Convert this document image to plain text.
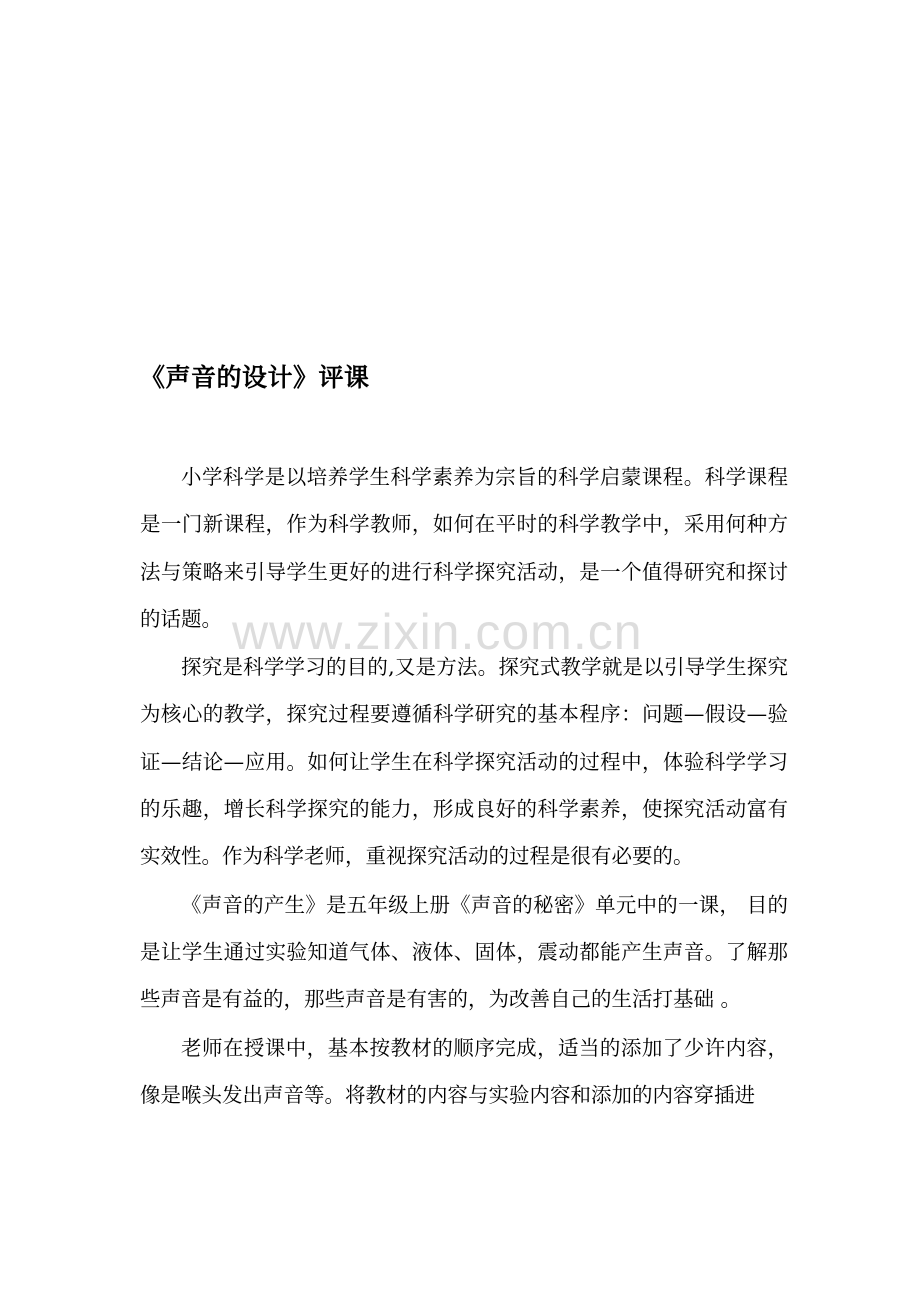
《声音的设计》评课

小学科学是以培养学生科学素养为宗旨的科学启蒙课程。科学课程是一门新课程，作为科学教师，如何在平时的科学教学中，采用何种方法与策略来引导学生更好的进行科学探究活动，是一个值得研究和探讨的话题。

探究是科学学习的目的,又是方法。探究式教学就是以引导学生探究为核心的教学，探究过程要遵循科学研究的基本程序：问题—假设—验证—结论—应用。如何让学生在科学探究活动的过程中，体验科学学习的乐趣，增长科学探究的能力，形成良好的科学素养，使探究活动富有实效性。作为科学老师，重视探究活动的过程是很有必要的。

《声音的产生》是五年级上册《声音的秘密》单元中的一课， 目的是让学生通过实验知道气体、液体、固体，震动都能产生声音。了解那些声音是有益的，那些声音是有害的，为改善自己的生活打基础 。

老师在授课中，基本按教材的顺序完成，适当的添加了少许内容，像是喉头发出声音等。将教材的内容与实验内容和添加的内容穿插进

www.zixin.com.cn
